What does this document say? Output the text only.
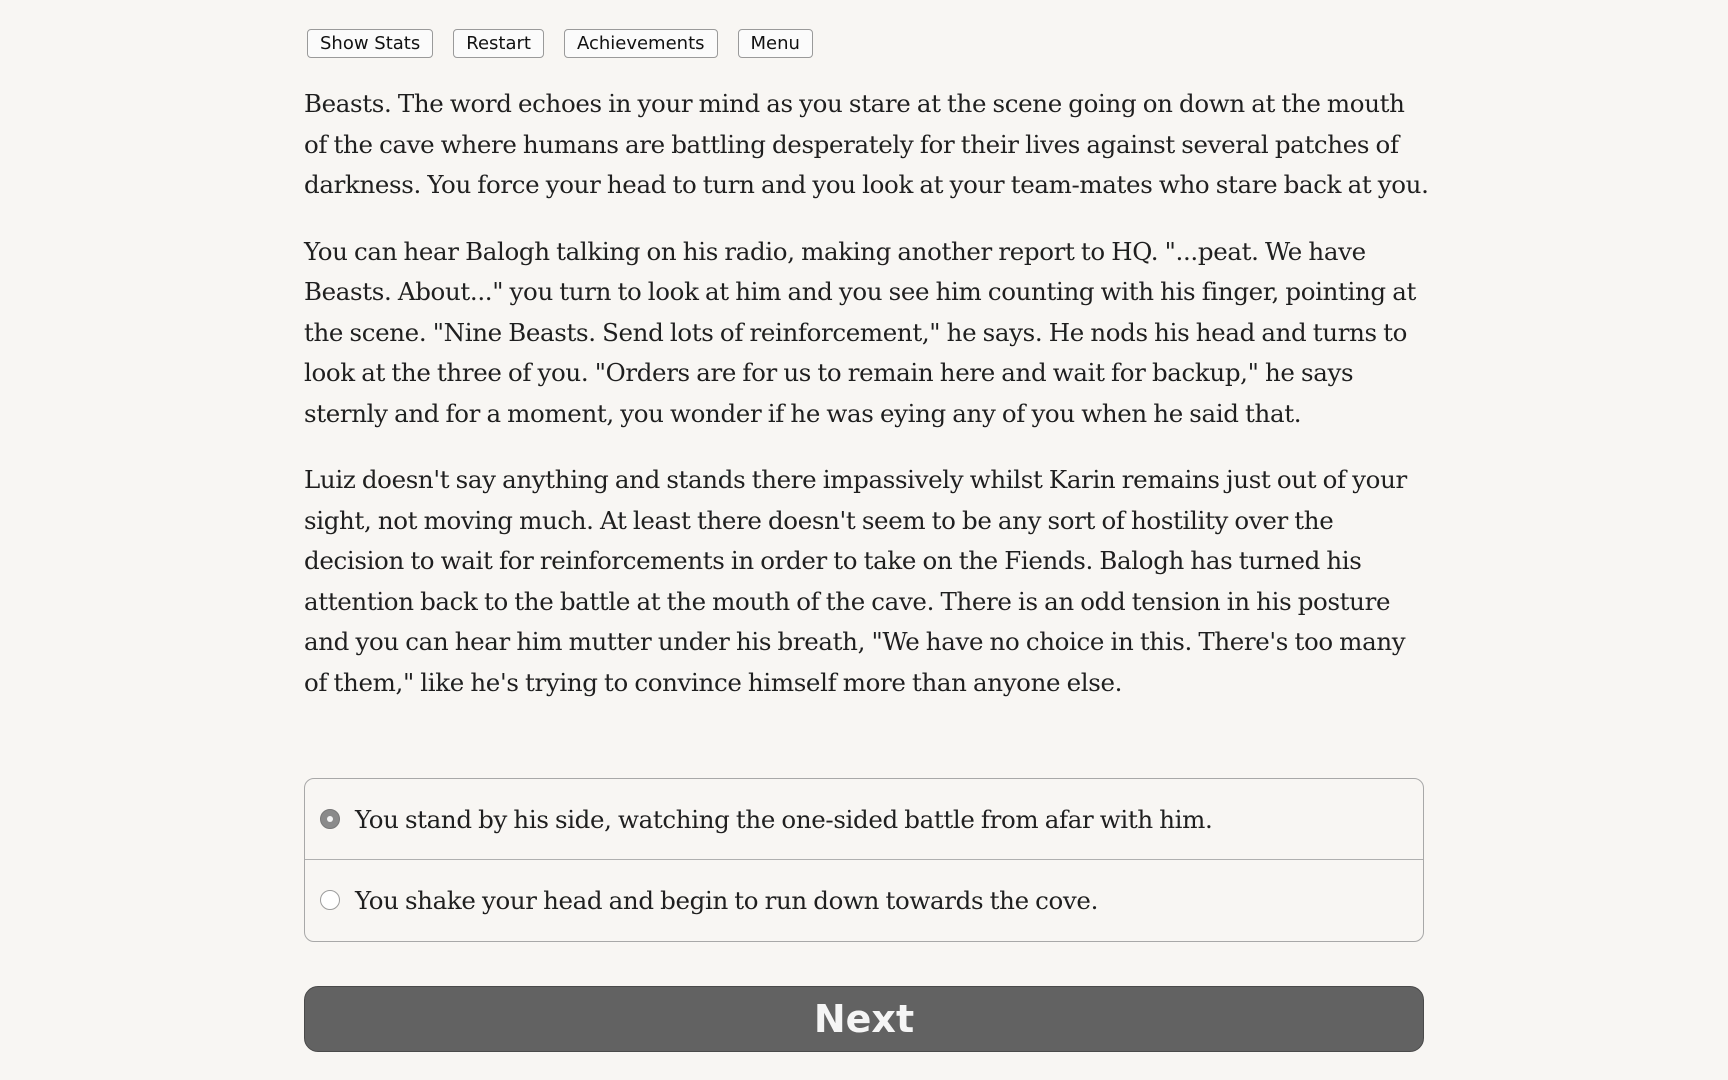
Show Stats	Restart	Achievements	Menu

Beasts. The word echoes in your mind as you stare at the scene going on down at the mouth of the cave where humans are battling desperately for their lives against several patches of darkness. You force your head to turn and you look at your team-mates who stare back at you.

You can hear Balogh talking on his radio, making another report to HQ. "...peat. We have Beasts. About..." you turn to look at him and you see him counting with his finger, pointing at the scene. "Nine Beasts. Send lots of reinforcement," he says. He nods his head and turns to look at the three of you. "Orders are for us to remain here and wait for backup," he says sternly and for a moment, you wonder if he was eying any of you when he said that.

Luiz doesn't say anything and stands there impassively whilst Karin remains just out of your sight, not moving much. At least there doesn't seem to be any sort of hostility over the decision to wait for reinforcements in order to take on the Fiends. Balogh has turned his attention back to the battle at the mouth of the cave. There is an odd tension in his posture and you can hear him mutter under his breath, "We have no choice in this. There's too many of them," like he's trying to convince himself more than anyone else.

You stand by his side, watching the one-sided battle from afar with him.
You shake your head and begin to run down towards the cove.
Next
